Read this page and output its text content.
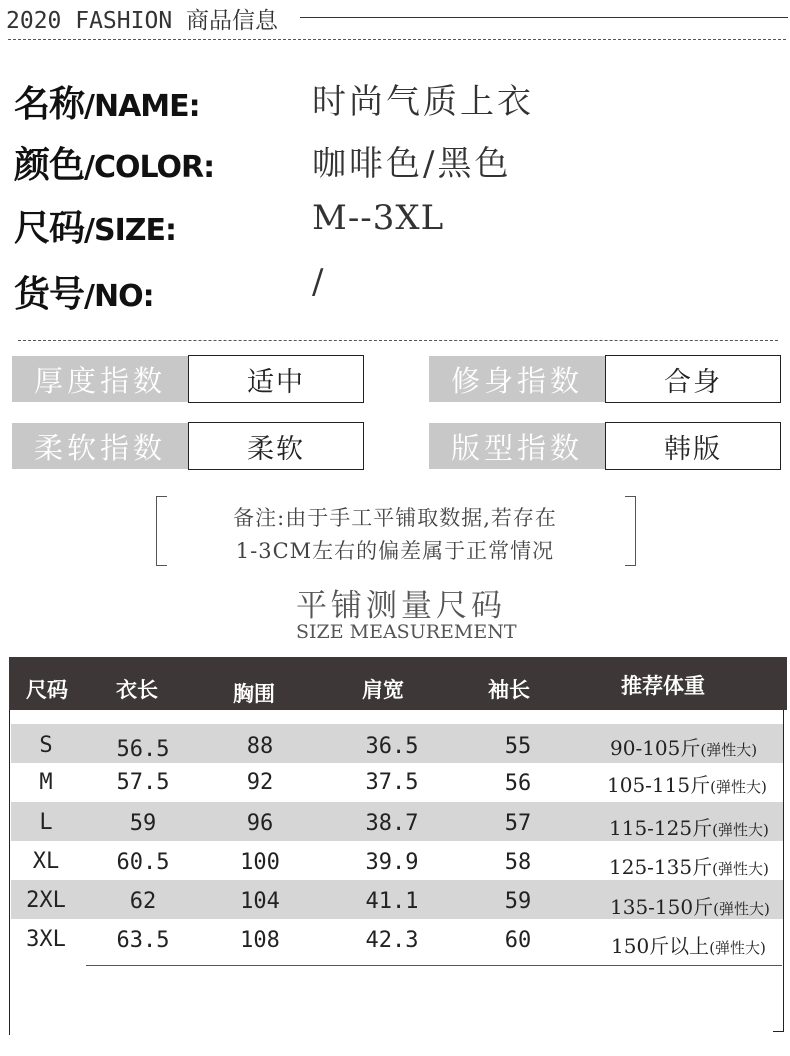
2020 FASHION 商品信息
名称/NAME:	时尚气质上衣
颜色/COLOR:	咖啡色/黑色
尺码/SIZE:	M--3XL
货号/NO:	/
厚度指数	适中	修身指数	合身
柔软指数	柔软	版型指数	韩版
备注:由于手工平铺取数据,若存在
1-3CM左右的偏差属于正常情况
平铺测量尺码
SIZE MEASUREMENT
尺码 衣长	胸围	肩宽	袖长	推荐体重
S	56.5	88	36.5	55	90-105斤(弹性大)
M	57.5	92	37.5	56	105-115斤(弹性大)
L	59	96	38.7	57	115-125斤(弹性大)
XL	60.5	100	39.9	58	125-135斤(弹性大)
2XL	62	104	41.1	59	135-150斤(弹性大)
3XL	63.5	108	42.3	60	150斤以上(弹性大)
